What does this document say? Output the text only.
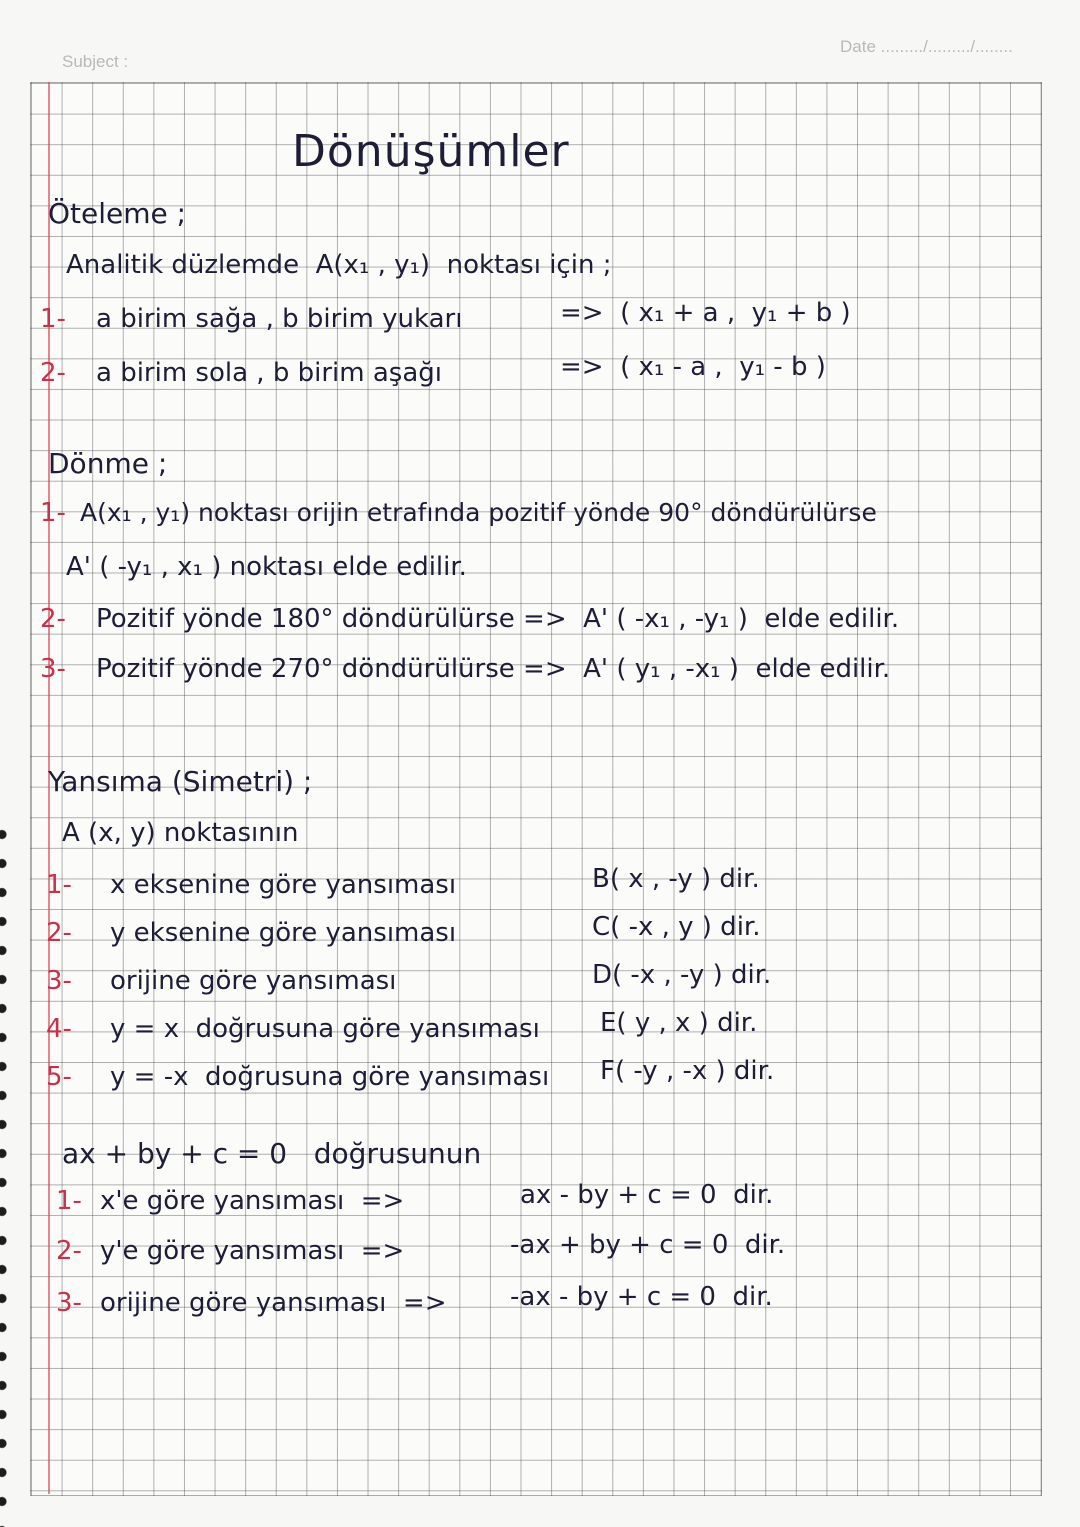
Subject :
Date ........./........./........
Dönüşümler
Öteleme ;
Analitik düzlemde  A(x₁ , y₁)  noktası için ;
1- a birim sağa , b birim yukarı	=>  ( x₁ + a ,  y₁ + b )
2- a birim sola , b birim aşağı	=>  ( x₁ - a ,  y₁ - b )
Dönme ;
1- A(x₁ , y₁) noktası orijin etrafında pozitif yönde 90° döndürülürse
A' ( -y₁ , x₁ ) noktası elde edilir.
2- Pozitif yönde 180° döndürülürse =>  A' ( -x₁ , -y₁ )  elde edilir.
3- Pozitif yönde 270° döndürülürse =>  A' ( y₁ , -x₁ )  elde edilir.
Yansıma (Simetri) ;
A (x, y) noktasının
1- x eksenine göre yansıması	B( x , -y ) dir.
2- y eksenine göre yansıması	C( -x , y ) dir.
3- orijine göre yansıması	D( -x , -y ) dir.
4- y = x  doğrusuna göre yansıması E( y , x ) dir.
5- y = -x  doğrusuna göre yansıması F( -y , -x ) dir.
ax + by + c = 0   doğrusunun
1- x'e göre yansıması  =>	ax - by + c = 0  dir.
2- y'e göre yansıması  =>	-ax + by + c = 0  dir.
3- orijine göre yansıması  => -ax - by + c = 0  dir.
